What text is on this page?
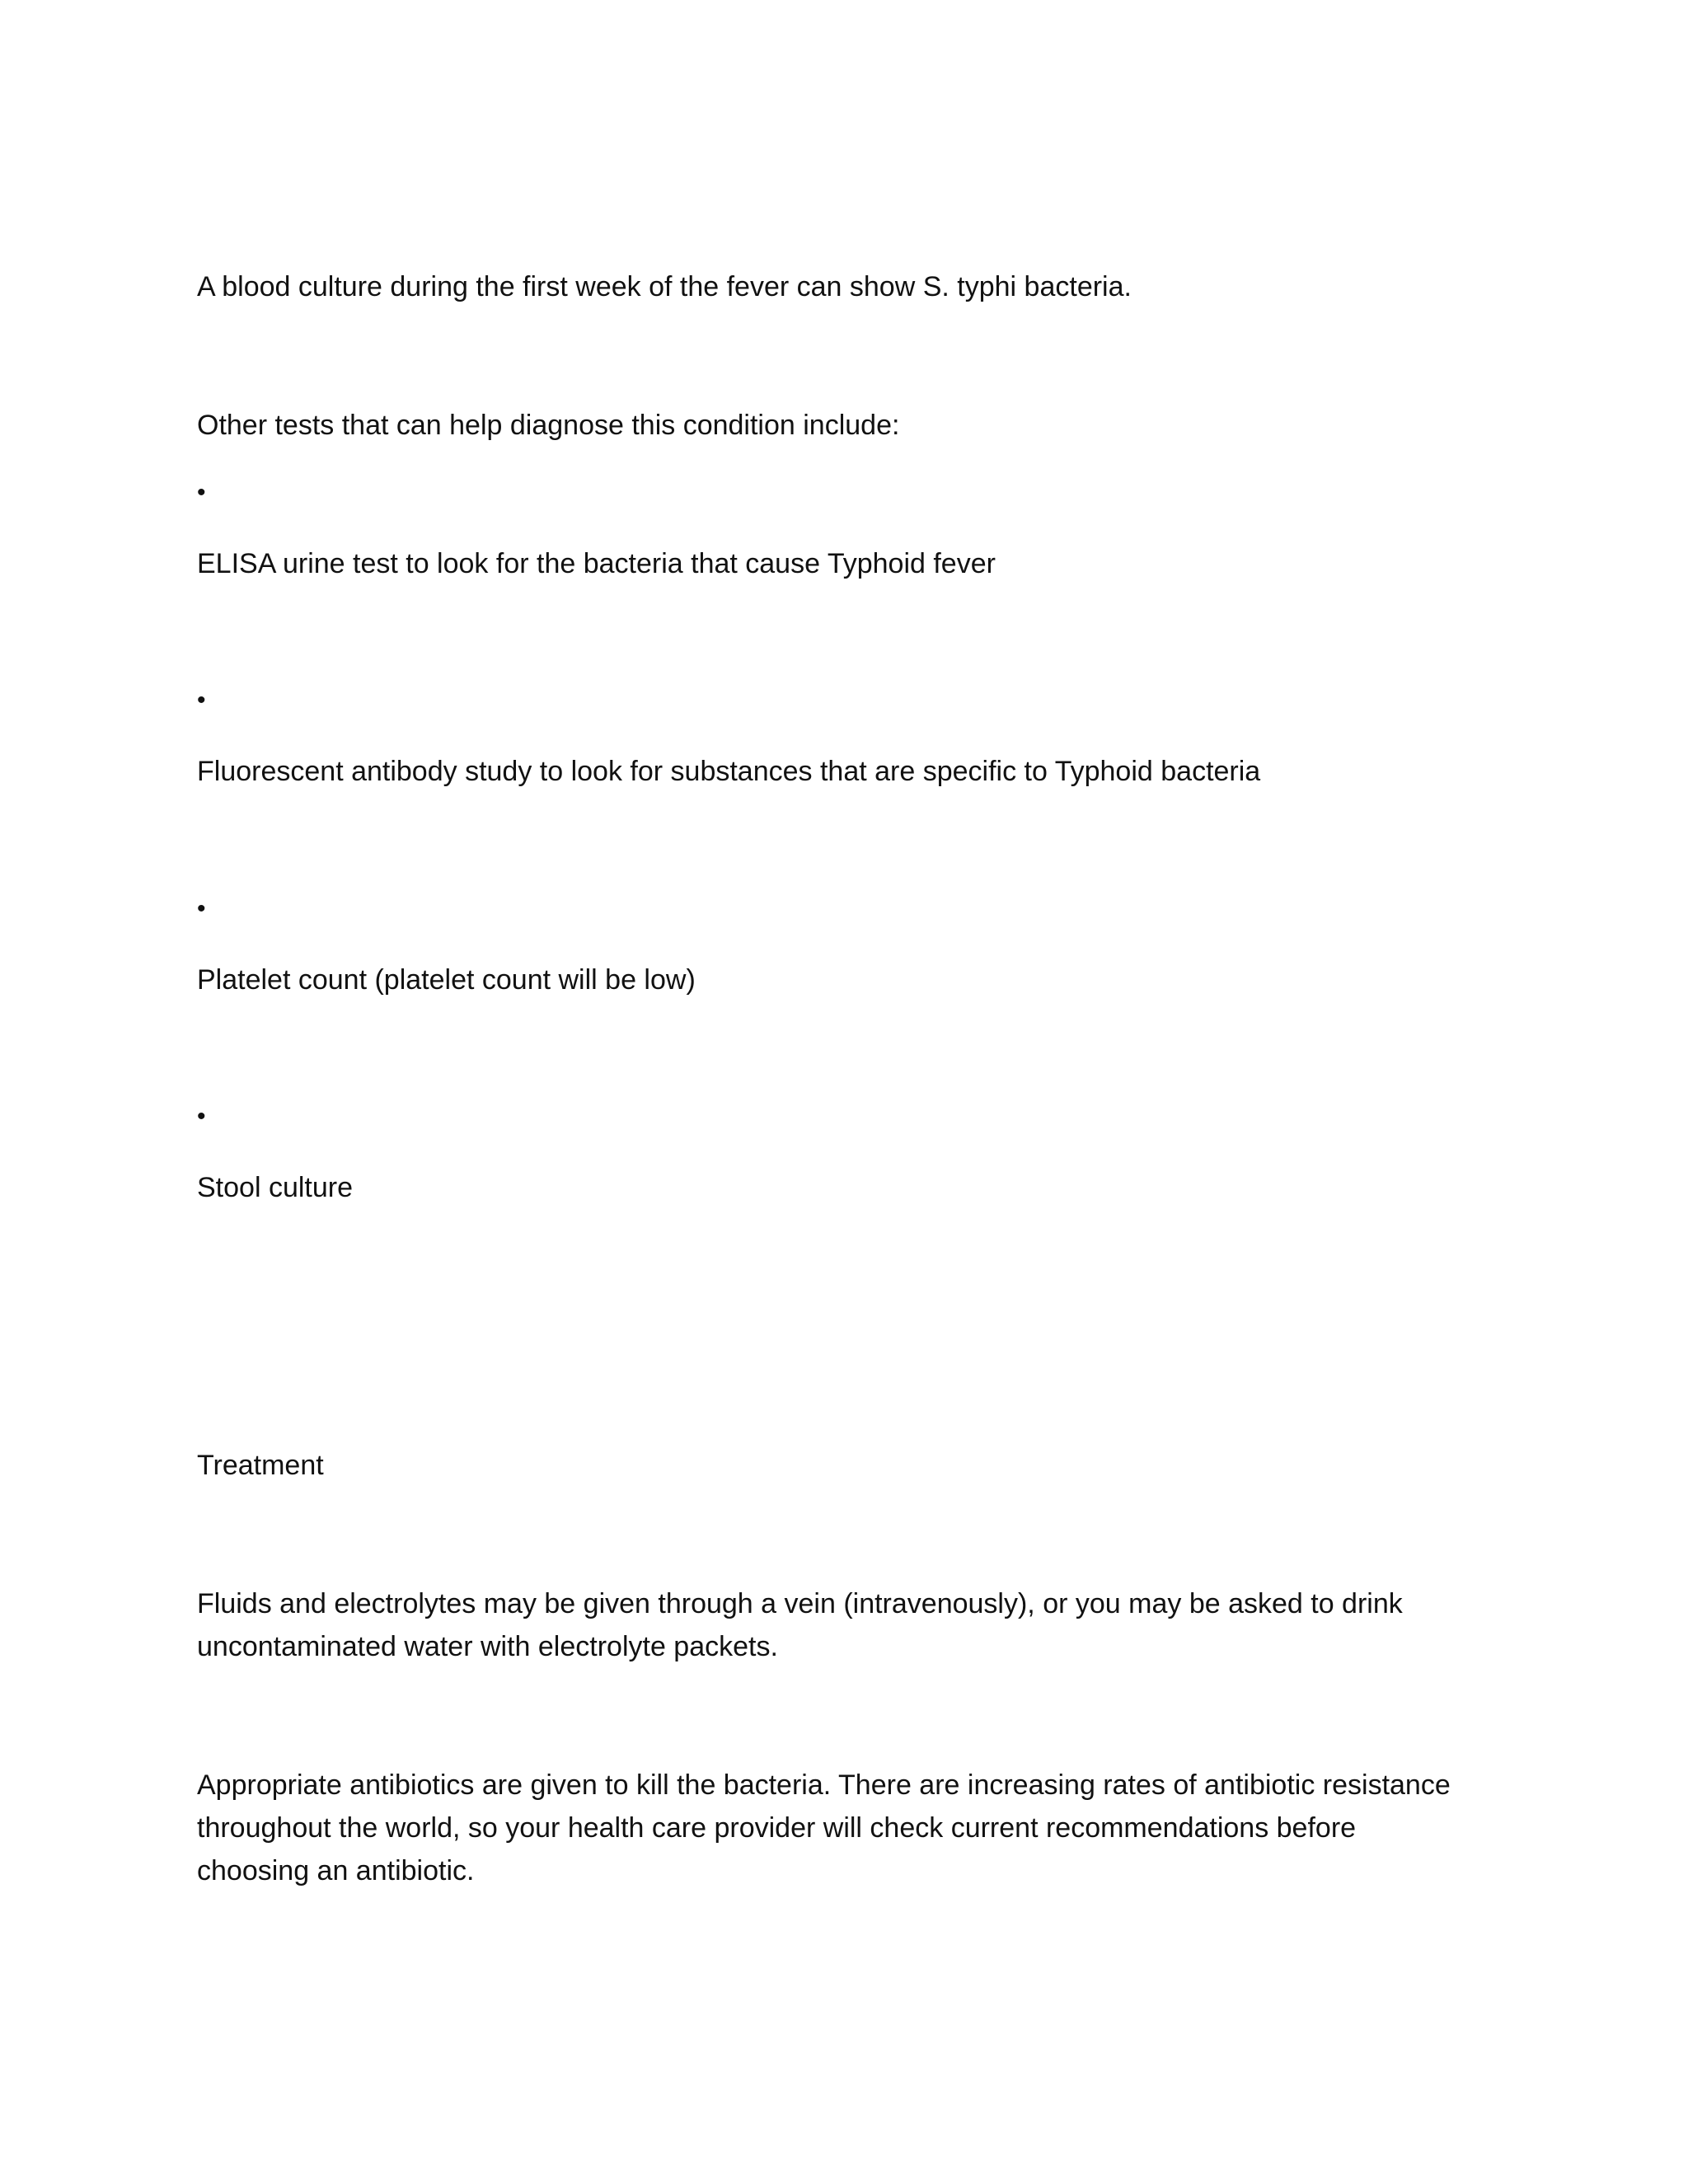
A blood culture during the first week of the fever can show S. typhi bacteria.

Other tests that can help diagnose this condition include:

•

ELISA urine test to look for the bacteria that cause Typhoid fever

•

Fluorescent antibody study to look for substances that are specific to Typhoid bacteria

•

Platelet count (platelet count will be low)

•

Stool culture

Treatment

Fluids and electrolytes may be given through a vein (intravenously), or you may be asked to drink

uncontaminated water with electrolyte packets.

Appropriate antibiotics are given to kill the bacteria. There are increasing rates of antibiotic resistance

throughout the world, so your health care provider will check current recommendations before

choosing an antibiotic.
